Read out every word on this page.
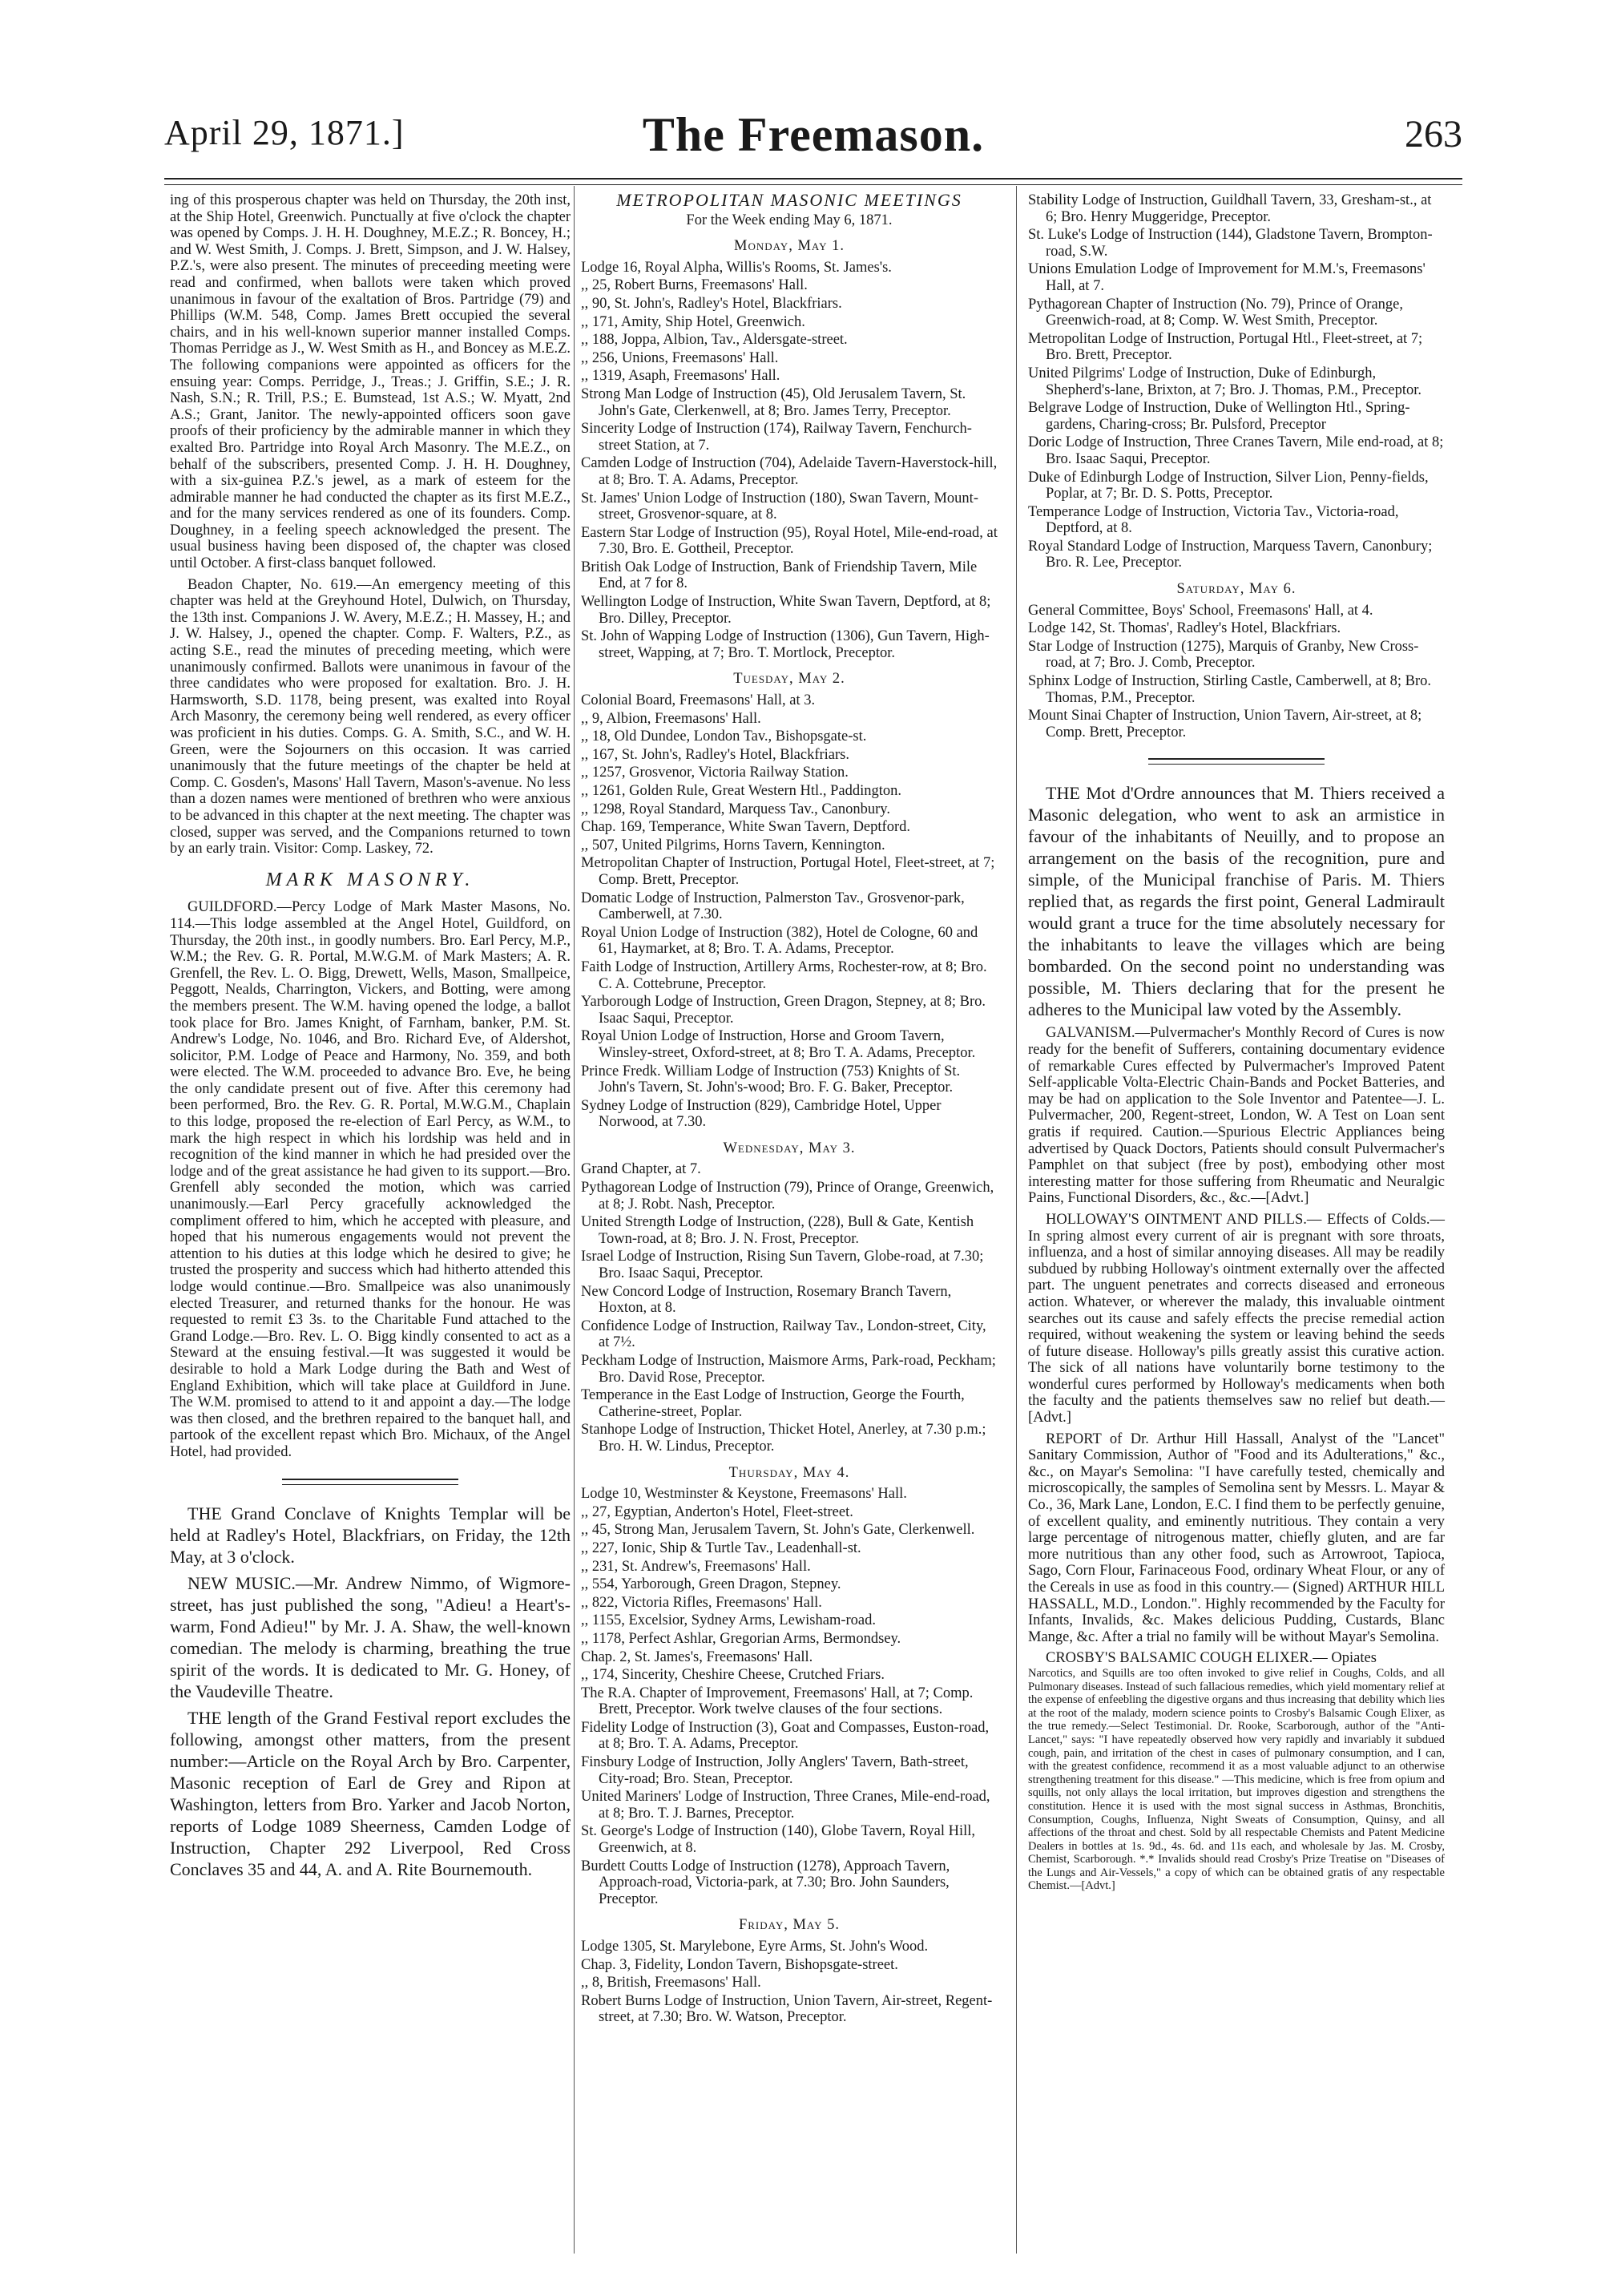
April 29, 1871.]	The Freemason.	263

ing of this prosperous chapter was held on Thursday, the 20th inst, at the Ship Hotel, Greenwich. Punctually at five o'clock the chapter was opened by Comps. J. H. H. Doughney, M.E.Z.; R. Boncey, H.; and W. West Smith, J. Comps. J. Brett, Simpson, and J. W. Halsey, P.Z.'s, were also present. The minutes of preceeding meeting were read and confirmed, when ballots were taken which proved unanimous in favour of the exaltation of Bros. Partridge (79) and Phillips (W.M. 548, Comp. James Brett occupied the several chairs, and in his well-known superior manner installed Comps. Thomas Perridge as J., W. West Smith as H., and Boncey as M.E.Z. The following companions were appointed as officers for the ensuing year: Comps. Perridge, J., Treas.; J. Griffin, S.E.; J. R. Nash, S.N.; R. Trill, P.S.; E. Bumstead, 1st A.S.; W. Myatt, 2nd A.S.; Grant, Janitor. The newly-appointed officers soon gave proofs of their proficiency by the admirable manner in which they exalted Bro. Partridge into Royal Arch Masonry. The M.E.Z., on behalf of the subscribers, presented Comp. J. H. H. Doughney, with a six-guinea P.Z.'s jewel, as a mark of esteem for the admirable manner he had conducted the chapter as its first M.E.Z., and for the many services rendered as one of its founders. Comp. Doughney, in a feeling speech acknowledged the present. The usual business having been disposed of, the chapter was closed until October. A first-class banquet followed.

Beadon Chapter, No. 619.—An emergency meeting of this chapter was held at the Greyhound Hotel, Dulwich, on Thursday, the 13th inst. Companions J. W. Avery, M.E.Z.; H. Massey, H.; and J. W. Halsey, J., opened the chapter. Comp. F. Walters, P.Z., as acting S.E., read the minutes of preceding meeting, which were unanimously confirmed. Ballots were unanimous in favour of the three candidates who were proposed for exaltation. Bro. J. H. Harmsworth, S.D. 1178, being present, was exalted into Royal Arch Masonry, the ceremony being well rendered, as every officer was proficient in his duties. Comps. G. A. Smith, S.C., and W. H. Green, were the Sojourners on this occasion. It was carried unanimously that the future meetings of the chapter be held at Comp. C. Gosden's, Masons' Hall Tavern, Mason's-avenue. No less than a dozen names were mentioned of brethren who were anxious to be advanced in this chapter at the next meeting. The chapter was closed, supper was served, and the Companions returned to town by an early train. Visitor: Comp. Laskey, 72.

MARK MASONRY.

GUILDFORD.—Percy Lodge of Mark Master Masons, No. 114.—This lodge assembled at the Angel Hotel, Guildford, on Thursday, the 20th inst., in goodly numbers. Bro. Earl Percy, M.P., W.M.; the Rev. G. R. Portal, M.W.G.M. of Mark Masters; A. R. Grenfell, the Rev. L. O. Bigg, Drewett, Wells, Mason, Smallpeice, Peggott, Nealds, Charrington, Vickers, and Botting, were among the members present. The W.M. having opened the lodge, a ballot took place for Bro. James Knight, of Farnham, banker, P.M. St. Andrew's Lodge, No. 1046, and Bro. Richard Eve, of Aldershot, solicitor, P.M. Lodge of Peace and Harmony, No. 359, and both were elected. The W.M. proceeded to advance Bro. Eve, he being the only candidate present out of five. After this ceremony had been performed, Bro. the Rev. G. R. Portal, M.W.G.M., Chaplain to this lodge, proposed the re-election of Earl Percy, as W.M., to mark the high respect in which his lordship was held and in recognition of the kind manner in which he had presided over the lodge and of the great assistance he had given to its support.—Bro. Grenfell ably seconded the motion, which was carried unanimously.—Earl Percy gracefully acknowledged the compliment offered to him, which he accepted with pleasure, and hoped that his numerous engagements would not prevent the attention to his duties at this lodge which he desired to give; he trusted the prosperity and success which had hitherto attended this lodge would continue.—Bro. Smallpeice was also unanimously elected Treasurer, and returned thanks for the honour. He was requested to remit £3 3s. to the Charitable Fund attached to the Grand Lodge.—Bro. Rev. L. O. Bigg kindly consented to act as a Steward at the ensuing festival.—It was suggested it would be desirable to hold a Mark Lodge during the Bath and West of England Exhibition, which will take place at Guildford in June. The W.M. promised to attend to it and appoint a day.—The lodge was then closed, and the brethren repaired to the banquet hall, and partook of the excellent repast which Bro. Michaux, of the Angel Hotel, had provided.

THE Grand Conclave of Knights Templar will be held at Radley's Hotel, Blackfriars, on Friday, the 12th May, at 3 o'clock.

NEW MUSIC.—Mr. Andrew Nimmo, of Wigmore-street, has just published the song, "Adieu! a Heart's-warm, Fond Adieu!" by Mr. J. A. Shaw, the well-known comedian. The melody is charming, breathing the true spirit of the words. It is dedicated to Mr. G. Honey, of the Vaudeville Theatre.

THE length of the Grand Festival report excludes the following, amongst other matters, from the present number:—Article on the Royal Arch by Bro. Carpenter, Masonic reception of Earl de Grey and Ripon at Washington, letters from Bro. Yarker and Jacob Norton, reports of Lodge 1089 Sheerness, Camden Lodge of Instruction, Chapter 292 Liverpool, Red Cross Conclaves 35 and 44, A. and A. Rite Bournemouth.

METROPOLITAN MASONIC MEETINGS
For the Week ending May 6, 1871.
Monday, May 1.

Lodge 16, Royal Alpha, Willis's Rooms, St. James's.

,, 25, Robert Burns, Freemasons' Hall.

,, 90, St. John's, Radley's Hotel, Blackfriars.

,, 171, Amity, Ship Hotel, Greenwich.

,, 188, Joppa, Albion, Tav., Aldersgate-street.

,, 256, Unions, Freemasons' Hall.

,, 1319, Asaph, Freemasons' Hall.

Strong Man Lodge of Instruction (45), Old Jerusalem Tavern, St. John's Gate, Clerkenwell, at 8; Bro. James Terry, Preceptor.

Sincerity Lodge of Instruction (174), Railway Tavern, Fenchurch-street Station, at 7.

Camden Lodge of Instruction (704), Adelaide Tavern-Haverstock-hill, at 8; Bro. T. A. Adams, Preceptor.

St. James' Union Lodge of Instruction (180), Swan Tavern, Mount-street, Grosvenor-square, at 8.

Eastern Star Lodge of Instruction (95), Royal Hotel, Mile-end-road, at 7.30, Bro. E. Gottheil, Preceptor.

British Oak Lodge of Instruction, Bank of Friendship Tavern, Mile End, at 7 for 8.

Wellington Lodge of Instruction, White Swan Tavern, Deptford, at 8; Bro. Dilley, Preceptor.

St. John of Wapping Lodge of Instruction (1306), Gun Tavern, High-street, Wapping, at 7; Bro. T. Mortlock, Preceptor.

Tuesday, May 2.

Colonial Board, Freemasons' Hall, at 3.

,, 9, Albion, Freemasons' Hall.

,, 18, Old Dundee, London Tav., Bishopsgate-st.

,, 167, St. John's, Radley's Hotel, Blackfriars.

,, 1257, Grosvenor, Victoria Railway Station.

,, 1261, Golden Rule, Great Western Htl., Paddington.

,, 1298, Royal Standard, Marquess Tav., Canonbury.

Chap. 169, Temperance, White Swan Tavern, Deptford.

,, 507, United Pilgrims, Horns Tavern, Kennington.

Metropolitan Chapter of Instruction, Portugal Hotel, Fleet-street, at 7; Comp. Brett, Preceptor.

Domatic Lodge of Instruction, Palmerston Tav., Grosvenor-park, Camberwell, at 7.30.

Royal Union Lodge of Instruction (382), Hotel de Cologne, 60 and 61, Haymarket, at 8; Bro. T. A. Adams, Preceptor.

Faith Lodge of Instruction, Artillery Arms, Rochester-row, at 8; Bro. C. A. Cottebrune, Preceptor.

Yarborough Lodge of Instruction, Green Dragon, Stepney, at 8; Bro. Isaac Saqui, Preceptor.

Royal Union Lodge of Instruction, Horse and Groom Tavern, Winsley-street, Oxford-street, at 8; Bro T. A. Adams, Preceptor.

Prince Fredk. William Lodge of Instruction (753) Knights of St. John's Tavern, St. John's-wood; Bro. F. G. Baker, Preceptor.

Sydney Lodge of Instruction (829), Cambridge Hotel, Upper Norwood, at 7.30.

Wednesday, May 3.

Grand Chapter, at 7.

Pythagorean Lodge of Instruction (79), Prince of Orange, Greenwich, at 8; J. Robt. Nash, Preceptor.

United Strength Lodge of Instruction, (228), Bull & Gate, Kentish Town-road, at 8; Bro. J. N. Frost, Preceptor.

Israel Lodge of Instruction, Rising Sun Tavern, Globe-road, at 7.30; Bro. Isaac Saqui, Preceptor.

New Concord Lodge of Instruction, Rosemary Branch Tavern, Hoxton, at 8.

Confidence Lodge of Instruction, Railway Tav., London-street, City, at 7½.

Peckham Lodge of Instruction, Maismore Arms, Park-road, Peckham; Bro. David Rose, Preceptor.

Temperance in the East Lodge of Instruction, George the Fourth, Catherine-street, Poplar.

Stanhope Lodge of Instruction, Thicket Hotel, Anerley, at 7.30 p.m.; Bro. H. W. Lindus, Preceptor.

Thursday, May 4.

Lodge 10, Westminster & Keystone, Freemasons' Hall.

,, 27, Egyptian, Anderton's Hotel, Fleet-street.

,, 45, Strong Man, Jerusalem Tavern, St. John's Gate, Clerkenwell.

,, 227, Ionic, Ship & Turtle Tav., Leadenhall-st.

,, 231, St. Andrew's, Freemasons' Hall.

,, 554, Yarborough, Green Dragon, Stepney.

,, 822, Victoria Rifles, Freemasons' Hall.

,, 1155, Excelsior, Sydney Arms, Lewisham-road.

,, 1178, Perfect Ashlar, Gregorian Arms, Bermondsey.

Chap. 2, St. James's, Freemasons' Hall.

,, 174, Sincerity, Cheshire Cheese, Crutched Friars.

The R.A. Chapter of Improvement, Freemasons' Hall, at 7; Comp. Brett, Preceptor. Work twelve clauses of the four sections.

Fidelity Lodge of Instruction (3), Goat and Compasses, Euston-road, at 8; Bro. T. A. Adams, Preceptor.

Finsbury Lodge of Instruction, Jolly Anglers' Tavern, Bath-street, City-road; Bro. Stean, Preceptor.

United Mariners' Lodge of Instruction, Three Cranes, Mile-end-road, at 8; Bro. T. J. Barnes, Preceptor.

St. George's Lodge of Instruction (140), Globe Tavern, Royal Hill, Greenwich, at 8.

Burdett Coutts Lodge of Instruction (1278), Approach Tavern, Approach-road, Victoria-park, at 7.30; Bro. John Saunders, Preceptor.

Friday, May 5.

Lodge 1305, St. Marylebone, Eyre Arms, St. John's Wood.

Chap. 3, Fidelity, London Tavern, Bishopsgate-street.

,, 8, British, Freemasons' Hall.

Robert Burns Lodge of Instruction, Union Tavern, Air-street, Regent-street, at 7.30; Bro. W. Watson, Preceptor.

Stability Lodge of Instruction, Guildhall Tavern, 33, Gresham-st., at 6; Bro. Henry Muggeridge, Preceptor.

St. Luke's Lodge of Instruction (144), Gladstone Tavern, Brompton-road, S.W.

Unions Emulation Lodge of Improvement for M.M.'s, Freemasons' Hall, at 7.

Pythagorean Chapter of Instruction (No. 79), Prince of Orange, Greenwich-road, at 8; Comp. W. West Smith, Preceptor.

Metropolitan Lodge of Instruction, Portugal Htl., Fleet-street, at 7; Bro. Brett, Preceptor.

United Pilgrims' Lodge of Instruction, Duke of Edinburgh, Shepherd's-lane, Brixton, at 7; Bro. J. Thomas, P.M., Preceptor.

Belgrave Lodge of Instruction, Duke of Wellington Htl., Spring-gardens, Charing-cross; Br. Pulsford, Preceptor

Doric Lodge of Instruction, Three Cranes Tavern, Mile end-road, at 8; Bro. Isaac Saqui, Preceptor.

Duke of Edinburgh Lodge of Instruction, Silver Lion, Penny-fields, Poplar, at 7; Br. D. S. Potts, Preceptor.

Temperance Lodge of Instruction, Victoria Tav., Victoria-road, Deptford, at 8.

Royal Standard Lodge of Instruction, Marquess Tavern, Canonbury; Bro. R. Lee, Preceptor.

Saturday, May 6.

General Committee, Boys' School, Freemasons' Hall, at 4.

Lodge 142, St. Thomas', Radley's Hotel, Blackfriars.

Star Lodge of Instruction (1275), Marquis of Granby, New Cross-road, at 7; Bro. J. Comb, Preceptor.

Sphinx Lodge of Instruction, Stirling Castle, Camberwell, at 8; Bro. Thomas, P.M., Preceptor.

Mount Sinai Chapter of Instruction, Union Tavern, Air-street, at 8; Comp. Brett, Preceptor.

THE Mot d'Ordre announces that M. Thiers received a Masonic delegation, who went to ask an armistice in favour of the inhabitants of Neuilly, and to propose an arrangement on the basis of the recognition, pure and simple, of the Municipal franchise of Paris. M. Thiers replied that, as regards the first point, General Ladmirault would grant a truce for the time absolutely necessary for the inhabitants to leave the villages which are being bombarded. On the second point no understanding was possible, M. Thiers declaring that for the present he adheres to the Municipal law voted by the Assembly.

GALVANISM.—Pulvermacher's Monthly Record of Cures is now ready for the benefit of Sufferers, containing documentary evidence of remarkable Cures effected by Pulvermacher's Improved Patent Self-applicable Volta-Electric Chain-Bands and Pocket Batteries, and may be had on application to the Sole Inventor and Patentee—J. L. Pulvermacher, 200, Regent-street, London, W. A Test on Loan sent gratis if required. Caution.—Spurious Electric Appliances being advertised by Quack Doctors, Patients should consult Pulvermacher's Pamphlet on that subject (free by post), embodying other most interesting matter for those suffering from Rheumatic and Neuralgic Pains, Functional Disorders, &c., &c.—[Advt.]

HOLLOWAY'S OINTMENT AND PILLS.— Effects of Colds.—In spring almost every current of air is pregnant with sore throats, influenza, and a host of similar annoying diseases. All may be readily subdued by rubbing Holloway's ointment externally over the affected part. The unguent penetrates and corrects diseased and erroneous action. Whatever, or wherever the malady, this invaluable ointment searches out its cause and safely effects the precise remedial action required, without weakening the system or leaving behind the seeds of future disease. Holloway's pills greatly assist this curative action. The sick of all nations have voluntarily borne testimony to the wonderful cures performed by Holloway's medicaments when both the faculty and the patients themselves saw no relief but death.—[Advt.]

REPORT of Dr. Arthur Hill Hassall, Analyst of the "Lancet" Sanitary Commission, Author of "Food and its Adulterations," &c., &c., on Mayar's Semolina: "I have carefully tested, chemically and microscopically, the samples of Semolina sent by Messrs. L. Mayar & Co., 36, Mark Lane, London, E.C. I find them to be perfectly genuine, of excellent quality, and eminently nutritious. They contain a very large percentage of nitrogenous matter, chiefly gluten, and are far more nutritious than any other food, such as Arrowroot, Tapioca, Sago, Corn Flour, Farinaceous Food, ordinary Wheat Flour, or any of the Cereals in use as food in this country.— (Signed) ARTHUR HILL HASSALL, M.D., London.". Highly recommended by the Faculty for Infants, Invalids, &c. Makes delicious Pudding, Custards, Blanc Mange, &c. After a trial no family will be without Mayar's Semolina.

CROSBY'S BALSAMIC COUGH ELIXER.— Opiates

Narcotics, and Squills are too often invoked to give relief in Coughs, Colds, and all Pulmonary diseases. Instead of such fallacious remedies, which yield momentary relief at the expense of enfeebling the digestive organs and thus increasing that debility which lies at the root of the malady, modern science points to Crosby's Balsamic Cough Elixer, as the true remedy.—Select Testimonial. Dr. Rooke, Scarborough, author of the "Anti-Lancet," says: "I have repeatedly observed how very rapidly and invariably it subdued cough, pain, and irritation of the chest in cases of pulmonary consumption, and I can, with the greatest confidence, recommend it as a most valuable adjunct to an otherwise strengthening treatment for this disease." —This medicine, which is free from opium and squills, not only allays the local irritation, but improves digestion and strengthens the constitution. Hence it is used with the most signal success in Asthmas, Bronchitis, Consumption, Coughs, Influenza, Night Sweats of Consumption, Quinsy, and all affections of the throat and chest. Sold by all respectable Chemists and Patent Medicine Dealers in bottles at 1s. 9d., 4s. 6d. and 11s each, and wholesale by Jas. M. Crosby, Chemist, Scarborough. *.* Invalids should read Crosby's Prize Treatise on "Diseases of the Lungs and Air-Vessels," a copy of which can be obtained gratis of any respectable Chemist.—[Advt.]
